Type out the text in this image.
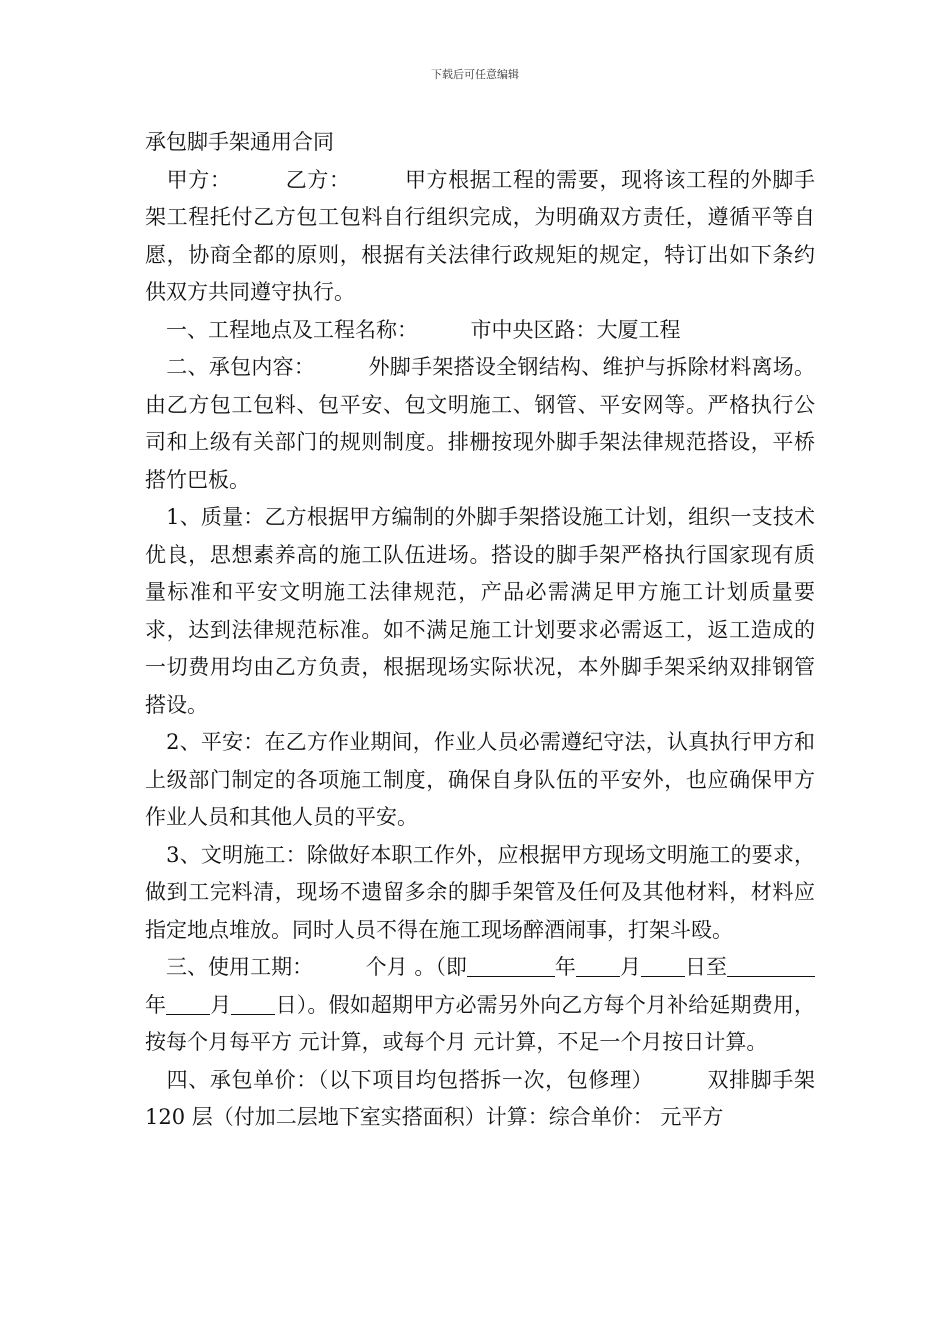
下载后可任意编辑

承包脚手架通用合同

　甲方：　　　乙方：　　　甲方根据工程的需要，现将该工程的外脚手架工程托付乙方包工包料自行组织完成，为明确双方责任，遵循平等自愿，协商全都的原则，根据有关法律行政规矩的规定，特订出如下条约供双方共同遵守执行。

　一、工程地点及工程名称：　　　市中央区路：大厦工程

　二、承包内容：　　　外脚手架搭设全钢结构、维护与拆除材料离场。由乙方包工包料、包平安、包文明施工、钢管、平安网等。严格执行公司和上级有关部门的规则制度。排栅按现外脚手架法律规范搭设，平桥搭竹巴板。

　1、质量：乙方根据甲方编制的外脚手架搭设施工计划，组织一支技术优良，思想素养高的施工队伍进场。搭设的脚手架严格执行国家现有质量标准和平安文明施工法律规范，产品必需满足甲方施工计划质量要求，达到法律规范标准。如不满足施工计划要求必需返工，返工造成的一切费用均由乙方负责，根据现场实际状况，本外脚手架采纳双排钢管搭设。

　2、平安：在乙方作业期间，作业人员必需遵纪守法，认真执行甲方和上级部门制定的各项施工制度，确保自身队伍的平安外，也应确保甲方作业人员和其他人员的平安。

　3、文明施工：除做好本职工作外，应根据甲方现场文明施工的要求，做到工完料清，现场不遗留多余的脚手架管及任何及其他材料，材料应指定地点堆放。同时人员不得在施工现场醉酒闹事，打架斗殴。

　三、使用工期：　　　个月 。（即	年 月 日至年 月 日）。假如超期甲方必需另外向乙方每个月补给延期费用，按每个月每平方 元计算，或每个月 元计算，不足一个月按日计算。

　四、承包单价：（以下项目均包搭拆一次，包修理）　　　双排脚手架 120 层（付加二层地下室实搭面积）计算：综合单价： 元平方
